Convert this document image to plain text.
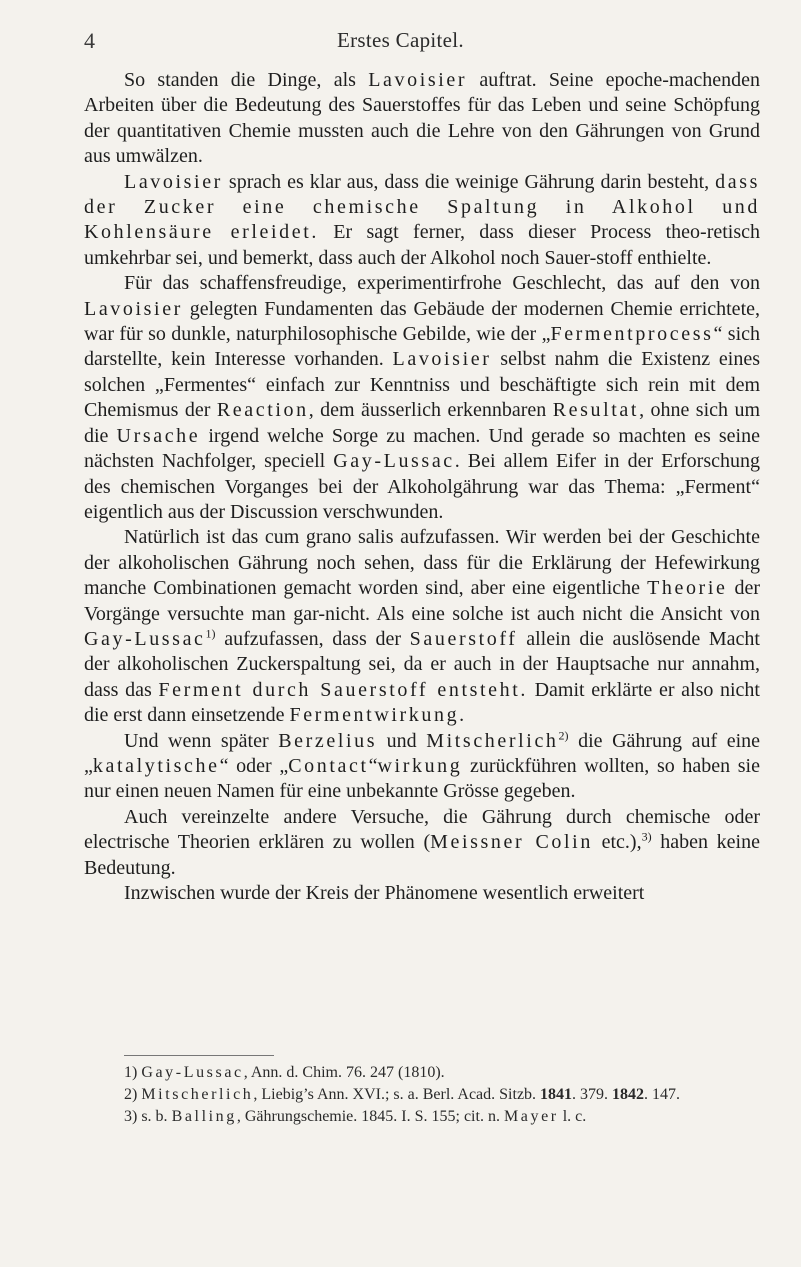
4	Erstes Capitel.

So standen die Dinge, als Lavoisier auftrat. Seine epoche-machenden Arbeiten über die Bedeutung des Sauerstoffes für das Leben und seine Schöpfung der quantitativen Chemie mussten auch die Lehre von den Gährungen von Grund aus umwälzen.

Lavoisier sprach es klar aus, dass die weinige Gährung darin besteht, dass der Zucker eine chemische Spaltung in Alkohol und Kohlensäure erleidet. Er sagt ferner, dass dieser Process theo-retisch umkehrbar sei, und bemerkt, dass auch der Alkohol noch Sauer-stoff enthielte.

Für das schaffensfreudige, experimentirfrohe Geschlecht, das auf den von Lavoisier gelegten Fundamenten das Gebäude der modernen Chemie errichtete, war für so dunkle, naturphilosophische Gebilde, wie der „Fermentprocess“ sich darstellte, kein Interesse vorhanden. Lavoisier selbst nahm die Existenz eines solchen „Fermentes“ einfach zur Kenntniss und beschäftigte sich rein mit dem Chemismus der Reaction, dem äusserlich erkennbaren Resultat, ohne sich um die Ursache irgend welche Sorge zu machen. Und gerade so machten es seine nächsten Nachfolger, speciell Gay-Lussac. Bei allem Eifer in der Erforschung des chemischen Vorganges bei der Alkoholgährung war das Thema: „Ferment“ eigentlich aus der Discussion verschwunden.

Natürlich ist das cum grano salis aufzufassen. Wir werden bei der Geschichte der alkoholischen Gährung noch sehen, dass für die Erklärung der Hefewirkung manche Combinationen gemacht worden sind, aber eine eigentliche Theorie der Vorgänge versuchte man gar-nicht. Als eine solche ist auch nicht die Ansicht von Gay-Lussac$^{1)}$ aufzufassen, dass der Sauerstoff allein die auslösende Macht der alkoholischen Zuckerspaltung sei, da er auch in der Hauptsache nur annahm, dass das Ferment durch Sauerstoff entsteht. Damit erklärte er also nicht die erst dann einsetzende Fermentwirkung.

Und wenn später Berzelius und Mitscherlich$^{2)}$ die Gährung auf eine „katalytische“ oder „Contact“wirkung zurückführen wollten, so haben sie nur einen neuen Namen für eine unbekannte Grösse gegeben.

Auch vereinzelte andere Versuche, die Gährung durch chemische oder electrische Theorien erklären zu wollen (Meissner Colin etc.),$^{3)}$ haben keine Bedeutung.

Inzwischen wurde der Kreis der Phänomene wesentlich erweitert

1) Gay-Lussac, Ann. d. Chim. 76. 247 (1810).

2) Mitscherlich, Liebig’s Ann. XVI.; s. a. Berl. Acad. Sitzb. 1841. 379. 1842. 147.

3) s. b. Balling, Gährungschemie. 1845. I. S. 155; cit. n. Mayer l. c.
